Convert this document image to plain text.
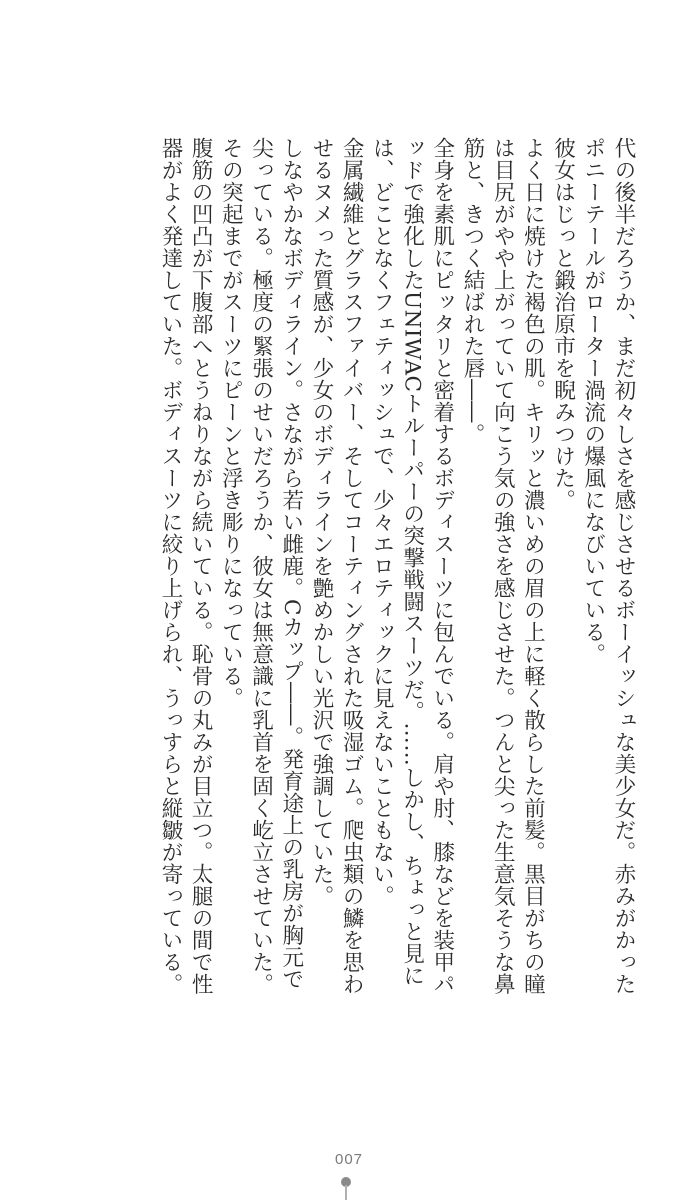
代の後半だろうか、まだ初々しさを感じさせるボーイッシュな美少女だ。赤みがかったポニーテールがローター渦流の爆風になびいている。

彼女はじっと鍛治原市を睨みつけた。

よく日に焼けた褐色の肌。キリッと濃いめの眉の上に軽く散らした前髪。黒目がちの瞳は目尻がやや上がっていて向こう気の強さを感じさせた。つんと尖った生意気そうな鼻筋と、きつく結ばれた唇――。

全身を素肌にピッタリと密着するボディスーツに包んでいる。肩や肘、膝などを装甲パッドで強化したUNIWACトルーパーの突撃戦闘スーツだ。……しかし、ちょっと見には、どことなくフェティッシュで、少々エロティックに見えないこともない。

金属繊維とグラスファイバー、そしてコーティングされた吸湿ゴム。爬虫類の鱗を思わせるヌメった質感が、少女のボディラインを艶めかしい光沢で強調していた。

しなやかなボディライン。さながら若い雌鹿。Cカップ――。発育途上の乳房が胸元で尖っている。極度の緊張のせいだろうか、彼女は無意識に乳首を固く屹立させていた。その突起までがスーツにピーンと浮き彫りになっている。

腹筋の凹凸が下腹部へとうねりながら続いている。恥骨の丸みが目立つ。太腿の間で性器がよく発達していた。ボディスーツに絞り上げられ、うっすらと縦皺が寄っている。

007
